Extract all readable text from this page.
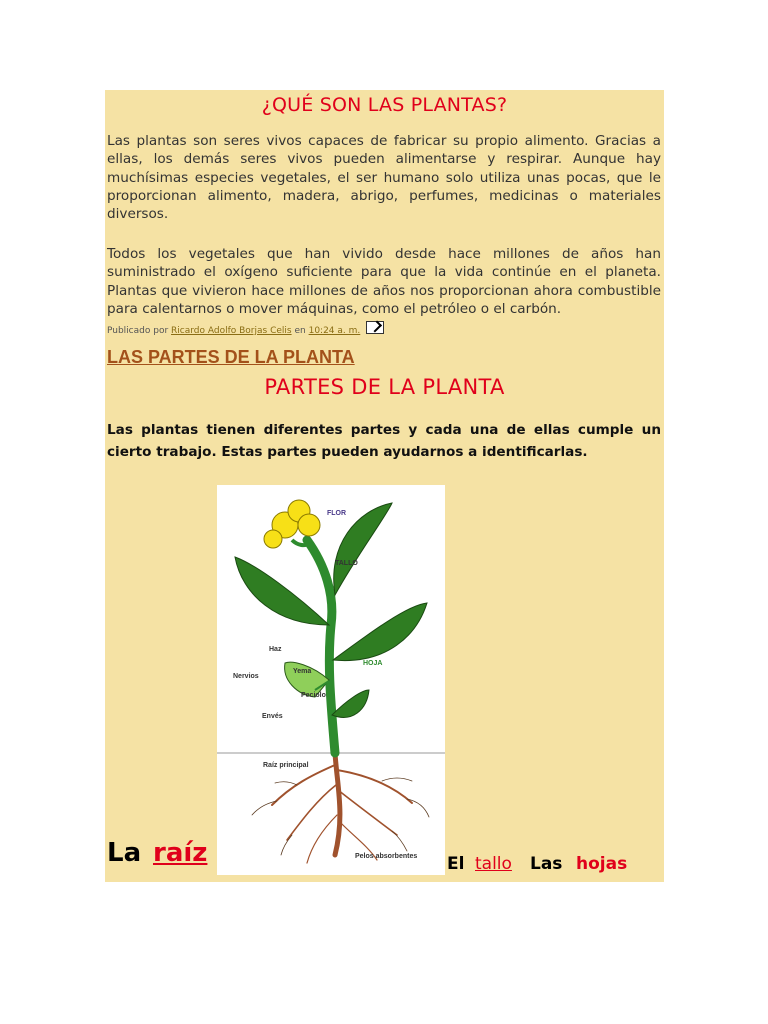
¿QUÉ SON LAS PLANTAS?

Las plantas son seres vivos capaces de fabricar su propio alimento. Gracias a ellas, los demás seres vivos pueden alimentarse y respirar. Aunque hay muchísimas especies vegetales, el ser humano solo utiliza unas pocas, que le proporcionan alimento, madera, abrigo, perfumes, medicinas o materiales diversos.

Todos los vegetales que han vivido desde hace millones de años han suministrado el oxígeno suficiente para que la vida continúe en el planeta. Plantas que vivieron hace millones de años nos proporcionan ahora combustible para calentarnos o mover máquinas, como el petróleo o el carbón.

Publicado por Ricardo Adolfo Borjas Celis en 10:24 a. m.
LAS PARTES DE LA PLANTA
PARTES DE LA PLANTA

Las plantas tienen diferentes partes y cada una de ellas cumple un cierto trabajo. Estas partes pueden ayudarnos a identificarlas.

FLOR
TALLO
HOJA
Haz
Nervios
Yema
Peciolo
Envés
Raíz principal
Pelos absorbentes
La raíz	El tallo Las hojas
